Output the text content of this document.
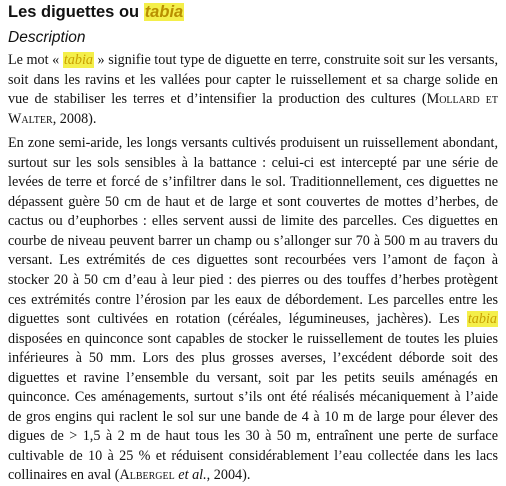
Les diguettes ou tabia
Description

Le mot « tabia » signifie tout type de diguette en terre, construite soit sur les versants, soit dans les ravins et les vallées pour capter le ruissellement et sa charge solide en vue de stabiliser les terres et d’intensifier la production des cultures (Mollard et Walter, 2008).

En zone semi-aride, les longs versants cultivés produisent un ruissellement abondant, surtout sur les sols sensibles à la battance : celui-ci est intercepté par une série de levées de terre et forcé de s’infiltrer dans le sol. Traditionnellement, ces diguettes ne dépassent guère 50 cm de haut et de large et sont couvertes de mottes d’herbes, de cactus ou d’euphorbes : elles servent aussi de limite des parcelles. Ces diguettes en courbe de niveau peuvent barrer un champ ou s’allonger sur 70 à 500 m au travers du versant. Les extrémités de ces diguettes sont recourbées vers l’amont de façon à stocker 20 à 50 cm d’eau à leur pied : des pierres ou des touffes d’herbes protègent ces extrémités contre l’érosion par les eaux de débordement. Les parcelles entre les diguettes sont cultivées en rotation (céréales, légumineuses, jachères). Les tabia disposées en quinconce sont capables de stocker le ruissellement de toutes les pluies inférieures à 50 mm. Lors des plus grosses averses, l’excédent déborde soit des diguettes et ravine l’ensemble du versant, soit par les petits seuils aménagés en quinconce. Ces aménagements, surtout s’ils ont été réalisés mécaniquement à l’aide de gros engins qui raclent le sol sur une bande de 4 à 10 m de large pour élever des digues de > 1,5 à 2 m de haut tous les 30 à 50 m, entraînent une perte de surface cultivable de 10 à 25 % et réduisent considérablement l’eau collectée dans les lacs collinaires en aval (Albergel et al., 2004).
